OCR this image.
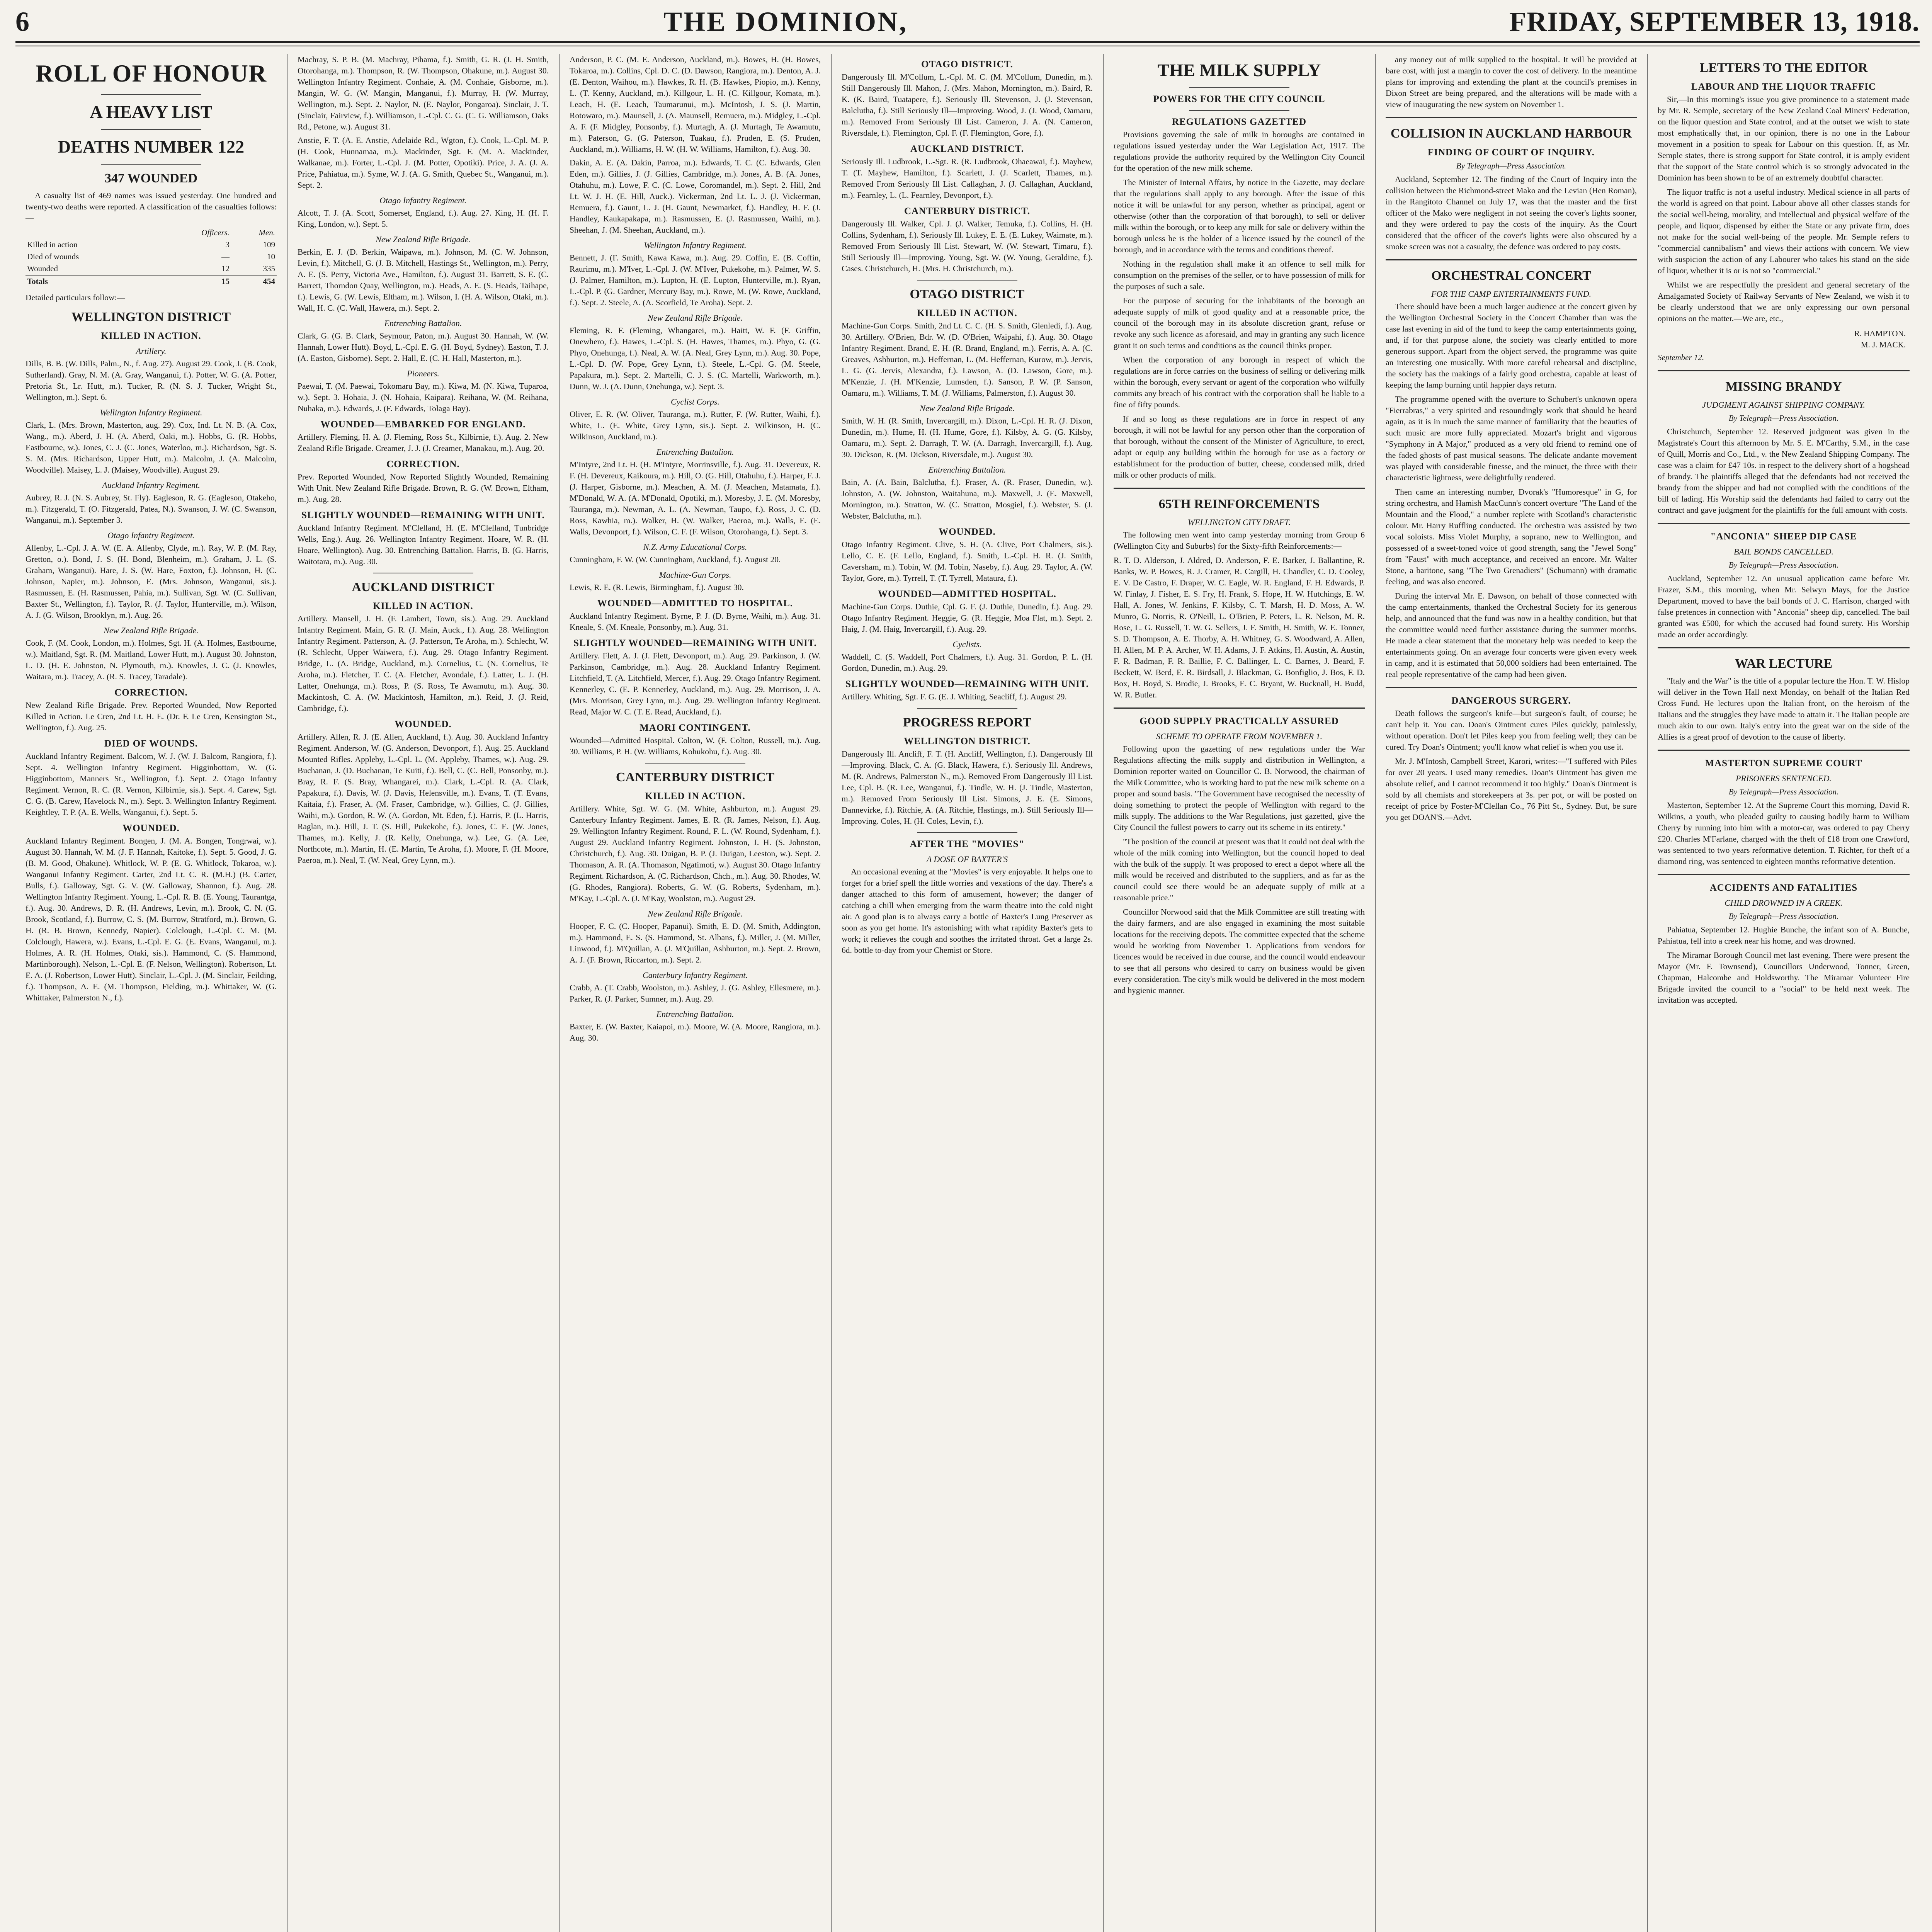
6	THE DOMINION,	FRIDAY, SEPTEMBER 13, 1918.
ROLL OF HONOUR
A HEAVY LIST
DEATHS NUMBER 122
347 WOUNDED

A casualty list of 469 names was issued yesterday. One hundred and twenty-two deaths were reported. A classification of the casualties follows:—

	Officers.	Men.
Killed in action	3	109
Died of wounds	—	10
Wounded	12	335
Totals	15	454

Detailed particulars follow:—

WELLINGTON DISTRICT
KILLED IN ACTION.
Artillery.

Dills, B. B. (W. Dills, Palm., N., f. Aug. 27). August 29. Cook, J. (B. Cook, Sutherland). Gray, N. M. (A. Gray, Wanganui, f.). Potter, W. G. (A. Potter, Pretoria St., Lr. Hutt, m.). Tucker, R. (N. S. J. Tucker, Wright St., Wellington, m.). Sept. 6.

Wellington Infantry Regiment.

Clark, L. (Mrs. Brown, Masterton, aug. 29). Cox, Ind. Lt. N. B. (A. Cox, Wang., m.). Aberd, J. H. (A. Aberd, Oaki, m.). Hobbs, G. (R. Hobbs, Eastbourne, w.). Jones, C. J. (C. Jones, Waterloo, m.). Richardson, Sgt. S. S. M. (Mrs. Richardson, Upper Hutt, m.). Malcolm, J. (A. Malcolm, Woodville). Maisey, L. J. (Maisey, Woodville). August 29.

Auckland Infantry Regiment.

Aubrey, R. J. (N. S. Aubrey, St. Fly). Eagleson, R. G. (Eagleson, Otakeho, m.). Fitzgerald, T. (O. Fitzgerald, Patea, N.). Swanson, J. W. (C. Swanson, Wanganui, m.). September 3.

Otago Infantry Regiment.

Allenby, L.-Cpl. J. A. W. (E. A. Allenby, Clyde, m.). Ray, W. P. (M. Ray, Gretton, o.). Bond, J. S. (H. Bond, Blenheim, m.). Graham, J. L. (S. Graham, Wanganui). Hare, J. S. (W. Hare, Foxton, f.). Johnson, H. (C. Johnson, Napier, m.). Johnson, E. (Mrs. Johnson, Wanganui, sis.). Rasmussen, E. (H. Rasmussen, Pahia, m.). Sullivan, Sgt. W. (C. Sullivan, Baxter St., Wellington, f.). Taylor, R. (J. Taylor, Hunterville, m.). Wilson, A. J. (G. Wilson, Brooklyn, m.). Aug. 26.

New Zealand Rifle Brigade.

Cook, F. (M. Cook, London, m.). Holmes, Sgt. H. (A. Holmes, Eastbourne, w.). Maitland, Sgt. R. (M. Maitland, Lower Hutt, m.). August 30. Johnston, L. D. (H. E. Johnston, N. Plymouth, m.). Knowles, J. C. (J. Knowles, Waitara, m.). Tracey, A. (R. S. Tracey, Taradale).

CORRECTION.

New Zealand Rifle Brigade. Prev. Reported Wounded, Now Reported Killed in Action. Le Cren, 2nd Lt. H. E. (Dr. F. Le Cren, Kensington St., Wellington, f.). Aug. 25.

DIED OF WOUNDS.

Auckland Infantry Regiment. Balcom, W. J. (W. J. Balcom, Rangiora, f.). Sept. 4. Wellington Infantry Regiment. Higginbottom, W. (G. Higginbottom, Manners St., Wellington, f.). Sept. 2. Otago Infantry Regiment. Vernon, R. C. (R. Vernon, Kilbirnie, sis.). Sept. 4. Carew, Sgt. C. G. (B. Carew, Havelock N., m.). Sept. 3. Wellington Infantry Regiment. Keightley, T. P. (A. E. Wells, Wanganui, f.). Sept. 5.

WOUNDED.

Auckland Infantry Regiment. Bongen, J. (M. A. Bongen, Tongrwai, w.). August 30. Hannah, W. M. (J. F. Hannah, Kaitoke, f.). Sept. 5. Good, J. G. (B. M. Good, Ohakune). Whitlock, W. P. (E. G. Whitlock, Tokaroa, w.). Wanganui Infantry Regiment. Carter, 2nd Lt. C. R. (M.H.) (B. Carter, Bulls, f.). Galloway, Sgt. G. V. (W. Galloway, Shannon, f.). Aug. 28. Wellington Infantry Regiment. Young, L.-Cpl. R. B. (E. Young, Taurantga, f.). Aug. 30. Andrews, D. R. (H. Andrews, Levin, m.). Brook, C. N. (G. Brook, Scotland, f.). Burrow, C. S. (M. Burrow, Stratford, m.). Brown, G. H. (R. B. Brown, Kennedy, Napier). Colclough, L.-Cpl. C. M. (M. Colclough, Hawera, w.). Evans, L.-Cpl. E. G. (E. Evans, Wanganui, m.). Holmes, A. R. (H. Holmes, Otaki, sis.). Hammond, C. (S. Hammond, Martinborough). Nelson, L.-Cpl. E. (F. Nelson, Wellington). Robertson, Lt. E. A. (J. Robertson, Lower Hutt). Sinclair, L.-Cpl. J. (M. Sinclair, Feilding, f.). Thompson, A. E. (M. Thompson, Fielding, m.). Whittaker, W. (G. Whittaker, Palmerston N., f.).

Machray, S. P. B. (M. Machray, Pihama, f.). Smith, G. R. (J. H. Smith, Otorohanga, m.). Thompson, R. (W. Thompson, Ohakune, m.). August 30. Wellington Infantry Regiment. Conhaie, A. (M. Conhaie, Gisborne, m.). Mangin, W. G. (W. Mangin, Manganui, f.). Murray, H. (W. Murray, Wellington, m.). Sept. 2. Naylor, N. (E. Naylor, Pongaroa). Sinclair, J. T. (Sinclair, Fairview, f.). Williamson, L.-Cpl. C. G. (C. G. Williamson, Oaks Rd., Petone, w.). August 31.

Anstie, F. T. (A. E. Anstie, Adelaide Rd., Wgton, f.). Cook, L.-Cpl. M. P. (H. Cook, Hunnamaa, m.). Mackinder, Sgt. F. (M. A. Mackinder, Walkanae, m.). Forter, L.-Cpl. J. (M. Potter, Opotiki). Price, J. A. (J. A. Price, Pahiatua, m.). Syme, W. J. (A. G. Smith, Quebec St., Wanganui, m.). Sept. 2.

Otago Infantry Regiment.

Alcott, T. J. (A. Scott, Somerset, England, f.). Aug. 27. King, H. (H. F. King, London, w.). Sept. 5.

New Zealand Rifle Brigade.

Berkin, E. J. (D. Berkin, Waipawa, m.). Johnson, M. (C. W. Johnson, Levin, f.). Mitchell, G. (J. B. Mitchell, Hastings St., Wellington, m.). Perry, A. E. (S. Perry, Victoria Ave., Hamilton, f.). August 31. Barrett, S. E. (C. Barrett, Thorndon Quay, Wellington, m.). Heads, A. E. (S. Heads, Taihape, f.). Lewis, G. (W. Lewis, Eltham, m.). Wilson, I. (H. A. Wilson, Otaki, m.). Wall, H. C. (C. Wall, Hawera, m.). Sept. 2.

Entrenching Battalion.

Clark, G. (G. B. Clark, Seymour, Paton, m.). August 30. Hannah, W. (W. Hannah, Lower Hutt). Boyd, L.-Cpl. E. G. (H. Boyd, Sydney). Easton, T. J. (A. Easton, Gisborne). Sept. 2. Hall, E. (C. H. Hall, Masterton, m.).

Pioneers.

Paewai, T. (M. Paewai, Tokomaru Bay, m.). Kiwa, M. (N. Kiwa, Tuparoa, w.). Sept. 3. Hohaia, J. (N. Hohaia, Kaipara). Reihana, W. (M. Reihana, Nuhaka, m.). Edwards, J. (F. Edwards, Tolaga Bay).

WOUNDED—EMBARKED FOR ENGLAND.

Artillery. Fleming, H. A. (J. Fleming, Ross St., Kilbirnie, f.). Aug. 2. New Zealand Rifle Brigade. Creamer, J. J. (J. Creamer, Manakau, m.). Aug. 20.

CORRECTION.

Prev. Reported Wounded, Now Reported Slightly Wounded, Remaining With Unit. New Zealand Rifle Brigade. Brown, R. G. (W. Brown, Eltham, m.). Aug. 28.

SLIGHTLY WOUNDED—REMAINING WITH UNIT.

Auckland Infantry Regiment. M'Clelland, H. (E. M'Clelland, Tunbridge Wells, Eng.). Aug. 26. Wellington Infantry Regiment. Hoare, W. R. (H. Hoare, Wellington). Aug. 30. Entrenching Battalion. Harris, B. (G. Harris, Waitotara, m.). Aug. 30.

AUCKLAND DISTRICT
KILLED IN ACTION.

Artillery. Mansell, J. H. (F. Lambert, Town, sis.). Aug. 29. Auckland Infantry Regiment. Main, G. R. (J. Main, Auck., f.). Aug. 28. Wellington Infantry Regiment. Patterson, A. (J. Patterson, Te Aroha, m.). Schlecht, W. (R. Schlecht, Upper Waiwera, f.). Aug. 29. Otago Infantry Regiment. Bridge, L. (A. Bridge, Auckland, m.). Cornelius, C. (N. Cornelius, Te Aroha, m.). Fletcher, T. C. (A. Fletcher, Avondale, f.). Latter, L. J. (H. Latter, Onehunga, m.). Ross, P. (S. Ross, Te Awamutu, m.). Aug. 30. Mackintosh, C. A. (W. Mackintosh, Hamilton, m.). Reid, J. (J. Reid, Cambridge, f.).

WOUNDED.

Artillery. Allen, R. J. (E. Allen, Auckland, f.). Aug. 30. Auckland Infantry Regiment. Anderson, W. (G. Anderson, Devonport, f.). Aug. 25. Auckland Mounted Rifles. Appleby, L.-Cpl. L. (M. Appleby, Thames, w.). Aug. 29. Buchanan, J. (D. Buchanan, Te Kuiti, f.). Bell, C. (C. Bell, Ponsonby, m.). Bray, R. F. (S. Bray, Whangarei, m.). Clark, L.-Cpl. R. (A. Clark, Papakura, f.). Davis, W. (J. Davis, Helensville, m.). Evans, T. (T. Evans, Kaitaia, f.). Fraser, A. (M. Fraser, Cambridge, w.). Gillies, C. (J. Gillies, Waihi, m.). Gordon, R. W. (A. Gordon, Mt. Eden, f.). Harris, P. (L. Harris, Raglan, m.). Hill, J. T. (S. Hill, Pukekohe, f.). Jones, C. E. (W. Jones, Thames, m.). Kelly, J. (R. Kelly, Onehunga, w.). Lee, G. (A. Lee, Northcote, m.). Martin, H. (E. Martin, Te Aroha, f.). Moore, F. (H. Moore, Paeroa, m.). Neal, T. (W. Neal, Grey Lynn, m.).

Anderson, P. C. (M. E. Anderson, Auckland, m.). Bowes, H. (H. Bowes, Tokaroa, m.). Collins, Cpl. D. C. (D. Dawson, Rangiora, m.). Denton, A. J. (E. Denton, Waihou, m.). Hawkes, R. H. (B. Hawkes, Piopio, m.). Kenny, L. (T. Kenny, Auckland, m.). Killgour, L. H. (C. Killgour, Komata, m.). Leach, H. (E. Leach, Taumarunui, m.). McIntosh, J. S. (J. Martin, Rotowaro, m.). Maunsell, J. (A. Maunsell, Remuera, m.). Midgley, L.-Cpl. A. F. (F. Midgley, Ponsonby, f.). Murtagh, A. (J. Murtagh, Te Awamutu, m.). Paterson, G. (G. Paterson, Tuakau, f.). Pruden, E. (S. Pruden, Auckland, m.). Williams, H. W. (H. W. Williams, Hamilton, f.). Aug. 30.

Dakin, A. E. (A. Dakin, Parroa, m.). Edwards, T. C. (C. Edwards, Glen Eden, m.). Gillies, J. (J. Gillies, Cambridge, m.). Jones, A. B. (A. Jones, Otahuhu, m.). Lowe, F. C. (C. Lowe, Coromandel, m.). Sept. 2. Hill, 2nd Lt. W. J. H. (E. Hill, Auck.). Vickerman, 2nd Lt. L. J. (J. Vickerman, Remuera, f.). Gaunt, L. J. (H. Gaunt, Newmarket, f.). Handley, H. F. (J. Handley, Kaukapakapa, m.). Rasmussen, E. (J. Rasmussen, Waihi, m.). Sheehan, J. (M. Sheehan, Auckland, m.).

Wellington Infantry Regiment.

Bennett, J. (F. Smith, Kawa Kawa, m.). Aug. 29. Coffin, E. (B. Coffin, Raurimu, m.). M'Iver, L.-Cpl. J. (W. M'Iver, Pukekohe, m.). Palmer, W. S. (J. Palmer, Hamilton, m.). Lupton, H. (E. Lupton, Hunterville, m.). Ryan, L.-Cpl. P. (G. Gardner, Mercury Bay, m.). Rowe, M. (W. Rowe, Auckland, f.). Sept. 2. Steele, A. (A. Scorfield, Te Aroha). Sept. 2.

New Zealand Rifle Brigade.

Fleming, R. F. (Fleming, Whangarei, m.). Haitt, W. F. (F. Griffin, Onewhero, f.). Hawes, L.-Cpl. S. (H. Hawes, Thames, m.). Phyo, G. (G. Phyo, Onehunga, f.). Neal, A. W. (A. Neal, Grey Lynn, m.). Aug. 30. Pope, L.-Cpl. D. (W. Pope, Grey Lynn, f.). Steele, L.-Cpl. G. (M. Steele, Papakura, m.). Sept. 2. Martelli, C. J. S. (C. Martelli, Warkworth, m.). Dunn, W. J. (A. Dunn, Onehunga, w.). Sept. 3.

Cyclist Corps.

Oliver, E. R. (W. Oliver, Tauranga, m.). Rutter, F. (W. Rutter, Waihi, f.). White, L. (E. White, Grey Lynn, sis.). Sept. 2. Wilkinson, H. (C. Wilkinson, Auckland, m.).

Entrenching Battalion.

M'Intyre, 2nd Lt. H. (H. M'Intyre, Morrinsville, f.). Aug. 31. Devereux, R. F. (H. Devereux, Kaikoura, m.). Hill, O. (G. Hill, Otahuhu, f.). Harper, F. J. (J. Harper, Gisborne, m.). Meachen, A. M. (J. Meachen, Matamata, f.). M'Donald, W. A. (A. M'Donald, Opotiki, m.). Moresby, J. E. (M. Moresby, Tauranga, m.). Newman, A. L. (A. Newman, Taupo, f.). Ross, J. C. (D. Ross, Kawhia, m.). Walker, H. (W. Walker, Paeroa, m.). Walls, E. (E. Walls, Devonport, f.). Wilson, C. F. (F. Wilson, Otorohanga, f.). Sept. 3.

N.Z. Army Educational Corps.

Cunningham, F. W. (W. Cunningham, Auckland, f.). August 20.

Machine-Gun Corps.

Lewis, R. E. (R. Lewis, Birmingham, f.). August 30.

WOUNDED—ADMITTED TO HOSPITAL.

Auckland Infantry Regiment. Byrne, P. J. (D. Byrne, Waihi, m.). Aug. 31. Kneale, S. (M. Kneale, Ponsonby, m.). Aug. 31.

SLIGHTLY WOUNDED—REMAINING WITH UNIT.

Artillery. Flett, A. J. (J. Flett, Devonport, m.). Aug. 29. Parkinson, J. (W. Parkinson, Cambridge, m.). Aug. 28. Auckland Infantry Regiment. Litchfield, T. (A. Litchfield, Mercer, f.). Aug. 29. Otago Infantry Regiment. Kennerley, C. (E. P. Kennerley, Auckland, m.). Aug. 29. Morrison, J. A. (Mrs. Morrison, Grey Lynn, m.). Aug. 29. Wellington Infantry Regiment. Read, Major W. C. (T. E. Read, Auckland, f.).

MAORI CONTINGENT.

Wounded—Admitted Hospital. Colton, W. (F. Colton, Russell, m.). Aug. 30. Williams, P. H. (W. Williams, Kohukohu, f.). Aug. 30.

CANTERBURY DISTRICT
KILLED IN ACTION.

Artillery. White, Sgt. W. G. (M. White, Ashburton, m.). August 29. Canterbury Infantry Regiment. James, E. R. (R. James, Nelson, f.). Aug. 29. Wellington Infantry Regiment. Round, F. L. (W. Round, Sydenham, f.). August 29. Auckland Infantry Regiment. Johnston, J. H. (S. Johnston, Christchurch, f.). Aug. 30. Duigan, B. P. (J. Duigan, Leeston, w.). Sept. 2. Thomason, A. R. (A. Thomason, Ngatimoti, w.). August 30. Otago Infantry Regiment. Richardson, A. (C. Richardson, Chch., m.). Aug. 30. Rhodes, W. (G. Rhodes, Rangiora). Roberts, G. W. (G. Roberts, Sydenham, m.). M'Kay, L.-Cpl. A. (J. M'Kay, Woolston, m.). August 29.

New Zealand Rifle Brigade.

Hooper, F. C. (C. Hooper, Papanui). Smith, E. D. (M. Smith, Addington, m.). Hammond, E. S. (S. Hammond, St. Albans, f.). Miller, J. (M. Miller, Linwood, f.). M'Quillan, A. (J. M'Quillan, Ashburton, m.). Sept. 2. Brown, A. J. (F. Brown, Riccarton, m.). Sept. 2.

Canterbury Infantry Regiment.

Crabb, A. (T. Crabb, Woolston, m.). Ashley, J. (G. Ashley, Ellesmere, m.). Parker, R. (J. Parker, Sumner, m.). Aug. 29.

Entrenching Battalion.

Baxter, E. (W. Baxter, Kaiapoi, m.). Moore, W. (A. Moore, Rangiora, m.). Aug. 30.

OTAGO DISTRICT.

Dangerously Ill. M'Collum, L.-Cpl. M. C. (M. M'Collum, Dunedin, m.). Still Dangerously Ill. Mahon, J. (Mrs. Mahon, Mornington, m.). Baird, R. K. (K. Baird, Tuatapere, f.). Seriously Ill. Stevenson, J. (J. Stevenson, Balclutha, f.). Still Seriously Ill—Improving. Wood, J. (J. Wood, Oamaru, m.). Removed From Seriously Ill List. Cameron, J. A. (N. Cameron, Riversdale, f.). Flemington, Cpl. F. (F. Flemington, Gore, f.).

AUCKLAND DISTRICT.

Seriously Ill. Ludbrook, L.-Sgt. R. (R. Ludbrook, Ohaeawai, f.). Mayhew, T. (T. Mayhew, Hamilton, f.). Scarlett, J. (J. Scarlett, Thames, m.). Removed From Seriously Ill List. Callaghan, J. (J. Callaghan, Auckland, m.). Fearnley, L. (L. Fearnley, Devonport, f.).

CANTERBURY DISTRICT.

Dangerously Ill. Walker, Cpl. J. (J. Walker, Temuka, f.). Collins, H. (H. Collins, Sydenham, f.). Seriously Ill. Lukey, E. E. (E. Lukey, Waimate, m.). Removed From Seriously Ill List. Stewart, W. (W. Stewart, Timaru, f.). Still Seriously Ill—Improving. Young, Sgt. W. (W. Young, Geraldine, f.). Cases. Christchurch, H. (Mrs. H. Christchurch, m.).

OTAGO DISTRICT
KILLED IN ACTION.

Machine-Gun Corps. Smith, 2nd Lt. C. C. (H. S. Smith, Glenledi, f.). Aug. 30. Artillery. O'Brien, Bdr. W. (D. O'Brien, Waipahi, f.). Aug. 30. Otago Infantry Regiment. Brand, E. H. (R. Brand, England, m.). Ferris, A. A. (C. Greaves, Ashburton, m.). Heffernan, L. (M. Heffernan, Kurow, m.). Jervis, L. G. (G. Jervis, Alexandra, f.). Lawson, A. (D. Lawson, Gore, m.). M'Kenzie, J. (H. M'Kenzie, Lumsden, f.). Sanson, P. W. (P. Sanson, Oamaru, m.). Williams, T. M. (J. Williams, Palmerston, f.). August 30.

New Zealand Rifle Brigade.

Smith, W. H. (R. Smith, Invercargill, m.). Dixon, L.-Cpl. H. R. (J. Dixon, Dunedin, m.). Hume, H. (H. Hume, Gore, f.). Kilsby, A. G. (G. Kilsby, Oamaru, m.). Sept. 2. Darragh, T. W. (A. Darragh, Invercargill, f.). Aug. 30. Dickson, R. (M. Dickson, Riversdale, m.). August 30.

Entrenching Battalion.

Bain, A. (A. Bain, Balclutha, f.). Fraser, A. (R. Fraser, Dunedin, w.). Johnston, A. (W. Johnston, Waitahuna, m.). Maxwell, J. (E. Maxwell, Mornington, m.). Stratton, W. (C. Stratton, Mosgiel, f.). Webster, S. (J. Webster, Balclutha, m.).

WOUNDED.

Otago Infantry Regiment. Clive, S. H. (A. Clive, Port Chalmers, sis.). Lello, C. E. (F. Lello, England, f.). Smith, L.-Cpl. H. R. (J. Smith, Caversham, m.). Tobin, W. (M. Tobin, Naseby, f.). Aug. 29. Taylor, A. (W. Taylor, Gore, m.). Tyrrell, T. (T. Tyrrell, Mataura, f.).

WOUNDED—ADMITTED HOSPITAL.

Machine-Gun Corps. Duthie, Cpl. G. F. (J. Duthie, Dunedin, f.). Aug. 29. Otago Infantry Regiment. Heggie, G. (R. Heggie, Moa Flat, m.). Sept. 2. Haig, J. (M. Haig, Invercargill, f.). Aug. 29.

Cyclists.

Waddell, C. (S. Waddell, Port Chalmers, f.). Aug. 31. Gordon, P. L. (H. Gordon, Dunedin, m.). Aug. 29.

SLIGHTLY WOUNDED—REMAINING WITH UNIT.

Artillery. Whiting, Sgt. F. G. (E. J. Whiting, Seacliff, f.). August 29.

PROGRESS REPORT
WELLINGTON DISTRICT.

Dangerously Ill. Ancliff, F. T. (H. Ancliff, Wellington, f.). Dangerously Ill—Improving. Black, C. A. (G. Black, Hawera, f.). Seriously Ill. Andrews, M. (R. Andrews, Palmerston N., m.). Removed From Dangerously Ill List. Lee, Cpl. B. (R. Lee, Wanganui, f.). Tindle, W. H. (J. Tindle, Masterton, m.). Removed From Seriously Ill List. Simons, J. E. (E. Simons, Dannevirke, f.). Ritchie, A. (A. Ritchie, Hastings, m.). Still Seriously Ill—Improving. Coles, H. (H. Coles, Levin, f.).

AFTER THE "MOVIES"
A DOSE OF BAXTER'S

An occasional evening at the "Movies" is very enjoyable. It helps one to forget for a brief spell the little worries and vexations of the day. There's a danger attached to this form of amusement, however; the danger of catching a chill when emerging from the warm theatre into the cold night air. A good plan is to always carry a bottle of Baxter's Lung Preserver as soon as you get home. It's astonishing with what rapidity Baxter's gets to work; it relieves the cough and soothes the irritated throat. Get a large 2s. 6d. bottle to-day from your Chemist or Store.

THE MILK SUPPLY
POWERS FOR THE CITY COUNCIL
REGULATIONS GAZETTED

Provisions governing the sale of milk in boroughs are contained in regulations issued yesterday under the War Legislation Act, 1917. The regulations provide the authority required by the Wellington City Council for the operation of the new milk scheme.

The Minister of Internal Affairs, by notice in the Gazette, may declare that the regulations shall apply to any borough. After the issue of this notice it will be unlawful for any person, whether as principal, agent or otherwise (other than the corporation of that borough), to sell or deliver milk within the borough, or to keep any milk for sale or delivery within the borough unless he is the holder of a licence issued by the council of the borough, and in accordance with the terms and conditions thereof.

Nothing in the regulation shall make it an offence to sell milk for consumption on the premises of the seller, or to have possession of milk for the purposes of such a sale.

For the purpose of securing for the inhabitants of the borough an adequate supply of milk of good quality and at a reasonable price, the council of the borough may in its absolute discretion grant, refuse or revoke any such licence as aforesaid, and may in granting any such licence grant it on such terms and conditions as the council thinks proper.

When the corporation of any borough in respect of which the regulations are in force carries on the business of selling or delivering milk within the borough, every servant or agent of the corporation who wilfully commits any breach of his contract with the corporation shall be liable to a fine of fifty pounds.

If and so long as these regulations are in force in respect of any borough, it will not be lawful for any person other than the corporation of that borough, without the consent of the Minister of Agriculture, to erect, adapt or equip any building within the borough for use as a factory or establishment for the production of butter, cheese, condensed milk, dried milk or other products of milk.

65TH REINFORCEMENTS
WELLINGTON CITY DRAFT.

The following men went into camp yesterday morning from Group 6 (Wellington City and Suburbs) for the Sixty-fifth Reinforcements:—

R. T. D. Alderson, J. Aldred, D. Anderson, F. E. Barker, J. Ballantine, R. Banks, W. P. Bowes, R. J. Cramer, R. Cargill, H. Chandler, C. D. Cooley, E. V. De Castro, F. Draper, W. C. Eagle, W. R. England, F. H. Edwards, P. W. Finlay, J. Fisher, E. S. Fry, H. Frank, S. Hope, H. W. Hutchings, E. W. Hall, A. Jones, W. Jenkins, F. Kilsby, C. T. Marsh, H. D. Moss, A. W. Munro, G. Norris, R. O'Neill, L. O'Brien, P. Peters, L. R. Nelson, M. R. Rose, L. G. Russell, T. W. G. Sellers, J. F. Smith, H. Smith, W. E. Tonner, S. D. Thompson, A. E. Thorby, A. H. Whitney, G. S. Woodward, A. Allen, H. Allen, M. P. A. Archer, W. H. Adams, J. F. Atkins, H. Austin, A. Austin, F. R. Badman, F. R. Baillie, F. C. Ballinger, L. C. Barnes, J. Beard, F. Beckett, W. Berd, E. R. Birdsall, J. Blackman, G. Bonfiglio, J. Bos, F. D. Box, H. Boyd, S. Brodie, J. Brooks, E. C. Bryant, W. Bucknall, H. Budd, W. R. Butler.

GOOD SUPPLY PRACTICALLY ASSURED
SCHEME TO OPERATE FROM NOVEMBER 1.

Following upon the gazetting of new regulations under the War Regulations affecting the milk supply and distribution in Wellington, a Dominion reporter waited on Councillor C. B. Norwood, the chairman of the Milk Committee, who is working hard to put the new milk scheme on a proper and sound basis. "The Government have recognised the necessity of doing something to protect the people of Wellington with regard to the milk supply. The additions to the War Regulations, just gazetted, give the City Council the fullest powers to carry out its scheme in its entirety."

"The position of the council at present was that it could not deal with the whole of the milk coming into Wellington, but the council hoped to deal with the bulk of the supply. It was proposed to erect a depot where all the milk would be received and distributed to the suppliers, and as far as the council could see there would be an adequate supply of milk at a reasonable price."

Councillor Norwood said that the Milk Committee are still treating with the dairy farmers, and are also engaged in examining the most suitable locations for the receiving depots. The committee expected that the scheme would be working from November 1. Applications from vendors for licences would be received in due course, and the council would endeavour to see that all persons who desired to carry on business would be given every consideration. The city's milk would be delivered in the most modern and hygienic manner.

any money out of milk supplied to the hospital. It will be provided at bare cost, with just a margin to cover the cost of delivery. In the meantime plans for improving and extending the plant at the council's premises in Dixon Street are being prepared, and the alterations will be made with a view of inaugurating the new system on November 1.

COLLISION IN AUCKLAND HARBOUR
FINDING OF COURT OF INQUIRY.
By Telegraph—Press Association.

Auckland, September 12. The finding of the Court of Inquiry into the collision between the Richmond-street Mako and the Levian (Hen Roman), in the Rangitoto Channel on July 17, was that the master and the first officer of the Mako were negligent in not seeing the cover's lights sooner, and they were ordered to pay the costs of the inquiry. As the Court considered that the officer of the cover's lights were also obscured by a smoke screen was not a casualty, the defence was ordered to pay costs.

ORCHESTRAL CONCERT
FOR THE CAMP ENTERTAINMENTS FUND.

There should have been a much larger audience at the concert given by the Wellington Orchestral Society in the Concert Chamber than was the case last evening in aid of the fund to keep the camp entertainments going, and, if for that purpose alone, the society was clearly entitled to more generous support. Apart from the object served, the programme was quite an interesting one musically. With more careful rehearsal and discipline, the society has the makings of a fairly good orchestra, capable at least of keeping the lamp burning until happier days return.

The programme opened with the overture to Schubert's unknown opera "Fierrabras," a very spirited and resoundingly work that should be heard again, as it is in much the same manner of familiarity that the beauties of such music are more fully appreciated. Mozart's bright and vigorous "Symphony in A Major," produced as a very old friend to remind one of the faded ghosts of past musical seasons. The delicate andante movement was played with considerable finesse, and the minuet, the three with their characteristic lightness, were delightfully rendered.

Then came an interesting number, Dvorak's "Humoresque" in G, for string orchestra, and Hamish MacCunn's concert overture "The Land of the Mountain and the Flood," a number replete with Scotland's characteristic colour. Mr. Harry Ruffling conducted. The orchestra was assisted by two vocal soloists. Miss Violet Murphy, a soprano, new to Wellington, and possessed of a sweet-toned voice of good strength, sang the "Jewel Song" from "Faust" with much acceptance, and received an encore. Mr. Walter Stone, a baritone, sang "The Two Grenadiers" (Schumann) with dramatic feeling, and was also encored.

During the interval Mr. E. Dawson, on behalf of those connected with the camp entertainments, thanked the Orchestral Society for its generous help, and announced that the fund was now in a healthy condition, but that the committee would need further assistance during the summer months. He made a clear statement that the monetary help was needed to keep the entertainments going. On an average four concerts were given every week in camp, and it is estimated that 50,000 soldiers had been entertained. The real people representative of the camp had been given.

DANGEROUS SURGERY.

Death follows the surgeon's knife—but surgeon's fault, of course; he can't help it. You can. Doan's Ointment cures Piles quickly, painlessly, without operation. Don't let Piles keep you from feeling well; they can be cured. Try Doan's Ointment; you'll know what relief is when you use it.

Mr. J. M'Intosh, Campbell Street, Karori, writes:—"I suffered with Piles for over 20 years. I used many remedies. Doan's Ointment has given me absolute relief, and I cannot recommend it too highly." Doan's Ointment is sold by all chemists and storekeepers at 3s. per pot, or will be posted on receipt of price by Foster-M'Clellan Co., 76 Pitt St., Sydney. But, be sure you get DOAN'S.—Advt.

LETTERS TO THE EDITOR
LABOUR AND THE LIQUOR TRAFFIC

Sir,—In this morning's issue you give prominence to a statement made by Mr. R. Semple, secretary of the New Zealand Coal Miners' Federation, on the liquor question and State control, and at the outset we wish to state most emphatically that, in our opinion, there is no one in the Labour movement in a position to speak for Labour on this question. If, as Mr. Semple states, there is strong support for State control, it is amply evident that the support of the State control which is so strongly advocated in the Dominion has been shown to be of an extremely doubtful character.

The liquor traffic is not a useful industry. Medical science in all parts of the world is agreed on that point. Labour above all other classes stands for the social well-being, morality, and intellectual and physical welfare of the people, and liquor, dispensed by either the State or any private firm, does not make for the social well-being of the people. Mr. Semple refers to "commercial cannibalism" and views their actions with concern. We view with suspicion the action of any Labourer who takes his stand on the side of liquor, whether it is or is not so "commercial."

Whilst we are respectfully the president and general secretary of the Amalgamated Society of Railway Servants of New Zealand, we wish it to be clearly understood that we are only expressing our own personal opinions on the matter.—We are, etc.,

R. HAMPTON.
M. J. MACK.
September 12.
MISSING BRANDY
JUDGMENT AGAINST SHIPPING COMPANY.
By Telegraph—Press Association.

Christchurch, September 12. Reserved judgment was given in the Magistrate's Court this afternoon by Mr. S. E. M'Carthy, S.M., in the case of Quill, Morris and Co., Ltd., v. the New Zealand Shipping Company. The case was a claim for £47 10s. in respect to the delivery short of a hogshead of brandy. The plaintiffs alleged that the defendants had not received the brandy from the shipper and had not complied with the conditions of the bill of lading. His Worship said the defendants had failed to carry out the contract and gave judgment for the plaintiffs for the full amount with costs.

"ANCONIA" SHEEP DIP CASE
BAIL BONDS CANCELLED.
By Telegraph—Press Association.

Auckland, September 12. An unusual application came before Mr. Frazer, S.M., this morning, when Mr. Selwyn Mays, for the Justice Department, moved to have the bail bonds of J. C. Harrison, charged with false pretences in connection with "Anconia" sheep dip, cancelled. The bail granted was £500, for which the accused had found surety. His Worship made an order accordingly.

WAR LECTURE

"Italy and the War" is the title of a popular lecture the Hon. T. W. Hislop will deliver in the Town Hall next Monday, on behalf of the Italian Red Cross Fund. He lectures upon the Italian front, on the heroism of the Italians and the struggles they have made to attain it. The Italian people are much akin to our own. Italy's entry into the great war on the side of the Allies is a great proof of devotion to the cause of liberty.

MASTERTON SUPREME COURT
PRISONERS SENTENCED.
By Telegraph—Press Association.

Masterton, September 12. At the Supreme Court this morning, David R. Wilkins, a youth, who pleaded guilty to causing bodily harm to William Cherry by running into him with a motor-car, was ordered to pay Cherry £20. Charles M'Farlane, charged with the theft of £18 from one Crawford, was sentenced to two years reformative detention. T. Richter, for theft of a diamond ring, was sentenced to eighteen months reformative detention.

ACCIDENTS AND FATALITIES
CHILD DROWNED IN A CREEK.
By Telegraph—Press Association.

Pahiatua, September 12. Hughie Bunche, the infant son of A. Bunche, Pahiatua, fell into a creek near his home, and was drowned.

The Miramar Borough Council met last evening. There were present the Mayor (Mr. F. Townsend), Councillors Underwood, Tonner, Green, Chapman, Halcombe and Holdsworthy. The Miramar Volunteer Fire Brigade invited the council to a "social" to be held next week. The invitation was accepted.
